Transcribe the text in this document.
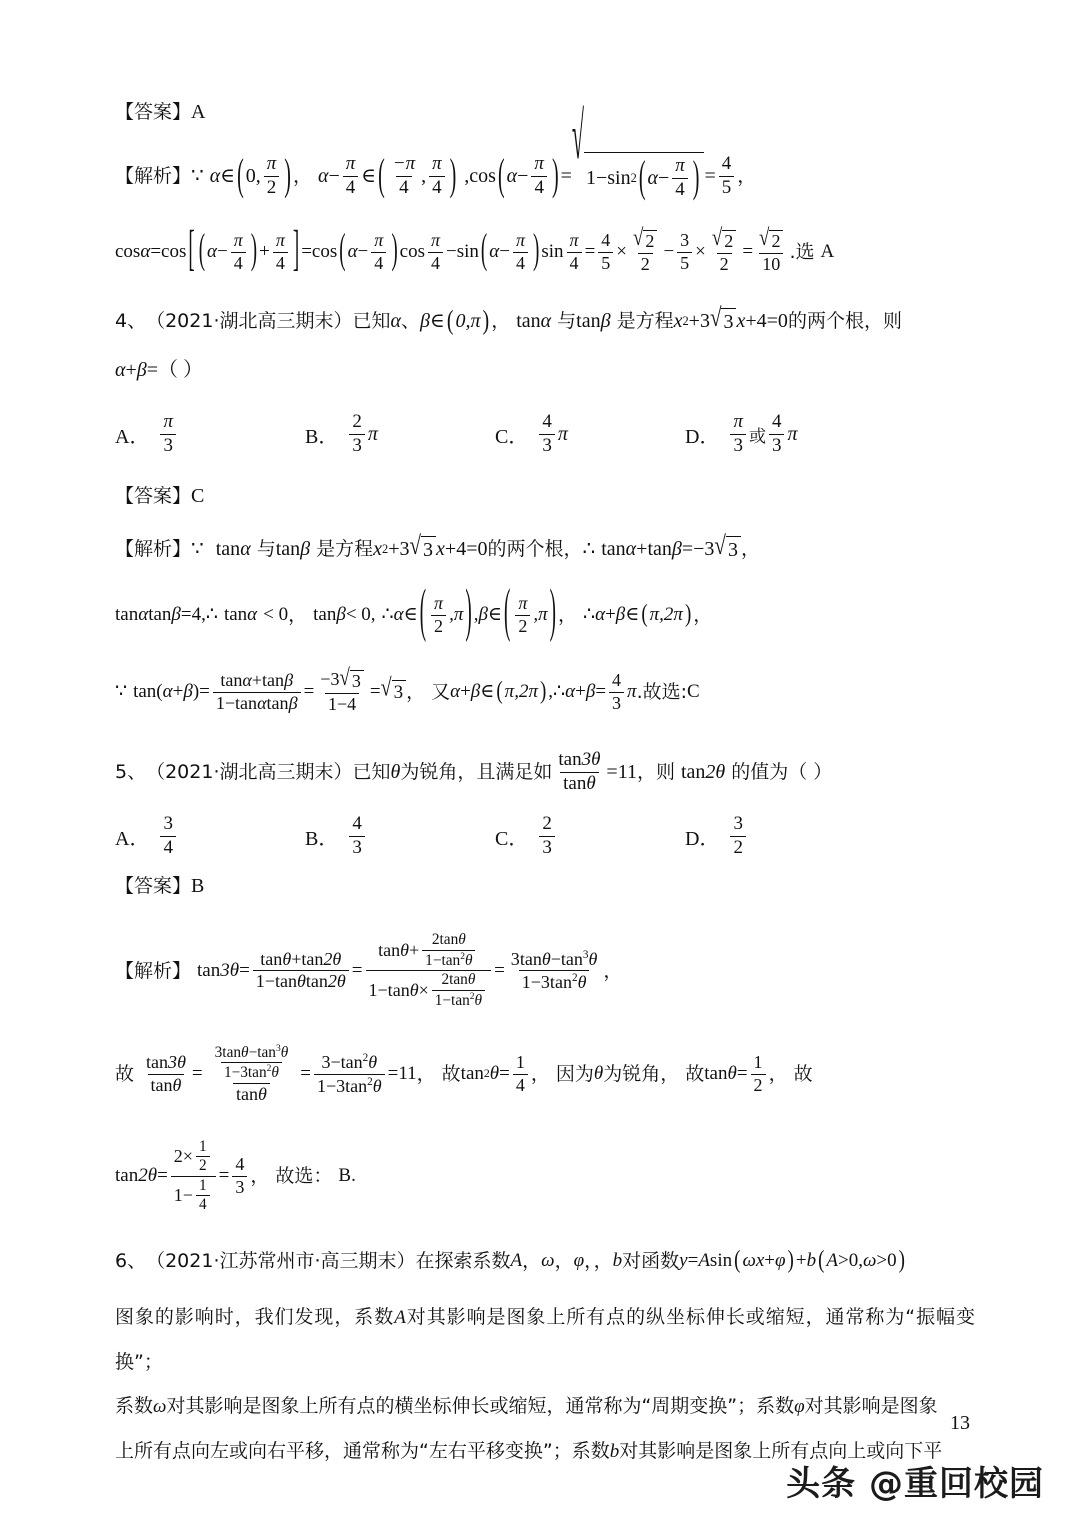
【答案】 A
【解析】 ∵ α ∈ ( 0, $\frac{\pi}{2}$ ) ， $\alpha - \frac{\pi}{4}$ ∈ ( $\frac{-\pi}{4}$ , $\frac{\pi}{4}$ ) , cos ( $\alpha - \frac{\pi}{4}$ ) =
√
1− sin 2 ( $\alpha - \frac{\pi}{4}$ ) = $\frac{4}{5}$ ，
cos α = cos [ ( $\alpha - \frac{\pi}{4}$ ) + $\frac{\pi}{4}$ ] = cos ( $\alpha - \frac{\pi}{4}$ ) $\cos \frac{\pi}{4} - \sin$ ( $\alpha - \frac{\pi}{4}$ ) $\sin \frac{\pi}{4} = \frac{4}{5} \times \frac{√ 2}{2} - \frac{3}{5} \times \frac{√ 2}{2} = \frac{√ 2}{10}$ .选 A
4、 （2021·湖北高三期末） 已知 α 、 β ∈ ( 0,π ) ， tan α 与 tan β 是方程 x 2 +3 √ 3 x +4=0 的两个根，则
α + β =（ ）
A． $\frac{\pi}{3}$	B． $\frac{2}{3}$ π	C． $\frac{4}{3}$ π	D． $\frac{\pi}{3}$ 或 $\frac{4}{3}$ π
【答案】 C
【解析】 ∵ tan α 与 tan β 是方程 x 2 +3 √ 3 x +4=0 的两个根， ∴ tan α + tan β =−3 √ 3 ，
tan α tan β =4 , ∴ tan α < 0 ， tan β < 0 , ∴ α ∈ ( $\frac{\pi}{2} ,\pi$ ) , β ∈ ( $\frac{\pi}{2} ,\pi$ ) ， ∴ α + β ∈ ( π,2π ) ，
∵ tan( α + β ) = $\frac{\tan\alpha+\tan\beta}{1-\tan\alpha\tan\beta} = \frac{-3 √ 3}{1-4}$ = √ 3 ， 又 α + β ∈ ( π,2π ) , ∴ $\alpha + \beta = \frac{4}{3}$ π .故选: C
5、 （2021·湖北高三期末） 已知 θ 为锐角，且满足如 $\frac{\tan 3\theta}{\tan\theta} =11$ ，则 tan 2θ 的值为（ ）
A． $\frac{3}{4}$	B． $\frac{4}{3}$	C． $\frac{2}{3}$	D． $\frac{3}{2}$
【答案】 B
【解析】 $\tan 3\theta = \frac{\tan\theta+\tan 2\theta}{1-\tan\theta\tan 2\theta} = \frac{\tan \theta + \frac{2\tan\theta}{1-\tan^2\theta}}{1-\tan \theta \times \frac{2\tan\theta}{1-\tan^2\theta}} = \frac{3\tan\theta-\tan^3\theta}{1-3\tan^2\theta}$ ，
故 $\frac{\tan 3\theta}{\tan\theta} = \frac{\frac{3\tan\theta-\tan^3\theta}{1-3\tan^2\theta}}{\tan\theta} = \frac{3-\tan^2\theta}{1-3\tan^2\theta} =11$ ， 故 tan 2 $\theta = \frac{1}{4}$ ， 因为 θ 为锐角， 故 $\tan \theta = \frac{1}{2}$ ， 故
$\tan 2\theta = \frac{2\times \frac{1}{2}}{1- \frac{1}{4}} = \frac{4}{3}$ ， 故选： B.
6、 （2021·江苏常州市·高三期末） 在探索系数 A ， ω ， φ ，， b 对函数 y = A sin ( ω x + φ ) + b ( A >0, ω >0 )
图象的影响时，我们发现，系数A对其影响是图象上所有点的纵坐标伸长或缩短，通常称为“振幅变换”；
系数ω对其影响是图象上所有点的横坐标伸长或缩短，通常称为“周期变换”；系数φ对其影响是图象
上所有点向左或向右平移，通常称为“左右平移变换”；系数b对其影响是图象上所有点向上或向下平
13
头条 @重回校园
